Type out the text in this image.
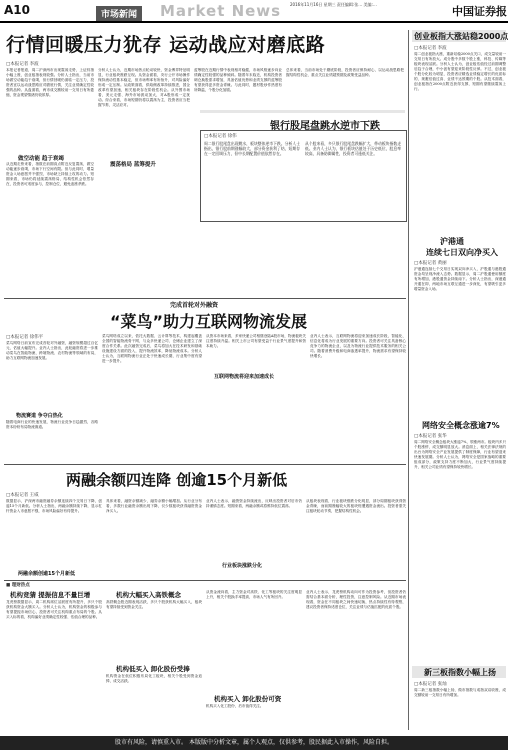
A10	市场新闻	Market News 2016年11月16日 星期三 责任编辑:张… 美编:…
中国证券报
行情回暖压力犹存 运动战应对磨底路
□本报记者 李波
本报记者报道，周二沪深两市出现震荡走势，上证综指小幅上涨，创业板指表现较强。分析人士指出，当前市场做空动能趋于衰竭，但行情回暖仍面临一定压力，投资者宜以运动战思路应对磨底行情，关注业绩确定性较强的品种。从盘面看，两市成交额较前一交易日有所萎缩，资金观望情绪仍较浓厚。
做空动能 趋于衰竭
从近期走势来看，指数在前期高点附近反复震荡，做空动能逐步衰竭，市场下行空间有限。但与此同时，增量资金入场意愿并不强烈，市场缺乏持续上攻的动力。短期来看，市场仍将延续震荡格局，结构性机会依然存在，投资者可适度参与，控制仓位，避免追涨杀跌。
分析人士认为，近期市场热点轮动较快，资金博弈特征明显，行业板块涨跌互现。从资金面看，央行公开市场操作保持流动性基本稳定，但市场利率有所抬升，对风险偏好形成一定压制。从政策面看，供给侧改革持续推进，国企改革有望加速，相关板块存在阶段性机会。从外围市场看，美元走强、海外市场波动加大，对A股形成一定扰动。综合来看，市场短期仍将以震荡为主，投资者应当把握节奏，灵活应对。
震荡格局 蓝筹提升
蓝筹股在近期行情中表现相对稳健，市场风格逐步向业绩确定性较强的品种倾斜。随着年末临近，机构投资者调仓换股需求增加，具备估值优势和业绩支撑的蓝筹股有望获得更多资金青睐。与此同时，题材股炒作热度有所降温，个股分化加剧。
银行股尾盘跳水逆市下跌
□本报记者 徐伟
周二银行股尾盘出现跳水，板块整体逆市下跌。分析人士指出，银行股前期涨幅较大，部分资金获利了结，短期存在一定回调压力，但中长期配置价值依然存在。
从个股来看，多只银行股尾盘跌幅扩大，带动板块指数走低。业内人士认为，银行板块估值处于历史低位，股息率较高，具备防御属性，投资者可逢低关注。
总体来看，当前市场处于磨底阶段，投资者应保持耐心，以运动战思路把握结构性机会，重点关注业绩超预期及政策受益品种。
创业板指大涨站稳2000点
□本报记者 李波
周二创业板指大涨，重新站稳2000点关口，成交量较前一交易日有所放大。成分股中多数个股上涨，科技、传媒等板块表现活跃。分析人士认为，创业板估值经过前期调整后趋于合理，中小创有望迎来阶段性反弹。不过，创业板个股分化较为明显，投资者应精选业绩稳定增长的优质标的，规避估值过高、业绩不达预期的个股。从技术面看，创业板指在2000点附近获得支撑，短期有望继续震荡上行。
沪港通
连续七日双向净买入
□本报记者 黄丽
沪港通连续七个交易日实现双向净买入，沪股通与港股通资金均呈现净流入态势。数据显示，周二沪股通使用额度有所增加，港股通资金持续南下。分析人士指出，深港通开通在即，两地市场互联互通进一步深化，有望吸引更多增量资金入场。
网络安全概念涨逾7%
□本报记者 张华
周二网络安全概念板块大涨逾7%，领涨两市。板块内多只个股涨停，成交额明显放大。消息面上，相关法律法规的出台为网络安全产业发展提供了制度保障，行业有望迎来快速发展期。分析人士认为，网络安全是国家战略的重要组成部分，政策支持力度不断加大，行业景气度持续提升，相关公司业绩有望保持较快增长。
新三板指数小幅上扬
□本报记者 张灿
周二新三板指数小幅上扬，做市指数与成指双双收涨，成交额较前一交易日有所增加。
完成首轮对外融资
“菜鸟”助力互联网物流发展
□本报记者 徐伟平
菜鸟网络日前宣布完成首轮对外融资，融资规模超过百亿元，估值大幅提升。业内人士指出，此轮融资将进一步推动菜鸟在智能物流、跨境物流、农村物流等领域的布局，助力互联网物流加速发展。
物流赛道 争夺白热化
随着电商行业的快速发展，物流行业竞争日趋激烈，各路资本纷纷布局物流赛道。
菜鸟网络成立以来，依托大数据、云计算等技术，构建起覆盖全国的智能物流骨干网，与众多快递公司、仓储企业建立了深度合作关系。此次融资完成后，菜鸟将加大在技术研发和基础设施建设方面的投入，提升物流效率，降低物流成本。分析人士认为，互联网物流行业正处于快速成长期，行业集中度有望进一步提升。
从资本市场来看，多家快递公司相继登陆A股市场，物流板块关注度持续升温。相关上市公司有望受益于行业景气度提升和资本助力。
互联网物流将迎来加速成长
业内人士表示，互联网物流将迎来加速成长阶段，智能化、信息化将成为行业发展的重要方向。投资者可关注具备核心竞争力的物流企业，以及为物流行业提供技术服务的相关公司。随着消费升级和电商渗透率提升，物流需求有望保持较快增长。
两融余额四连降 创逾15个月新低
□本报记者 王威
数据显示，沪深两市融资融券余额连续四个交易日下降，创逾15个月新低。分析人士指出，两融余额持续下降，显示杠杆资金入市意愿不强，市场风险偏好有待提升。
两融余额创逾15个月新低
具体来看，融资余额减少，融券余额小幅增加。从行业分布看，多数行业融资余额出现下降，仅少数板块获得融资资金净买入。
业内人士表示，融资资金持续流出，反映出投资者对后市仍持谨慎态度。短期来看，两融余额或将维持低位震荡。
行业板块涨跌分化
从板块表现看，行业板块涨跌分化明显，部分周期板块获得资金青睐，而前期涨幅较大的板块则遭遇资金流出。投资者需关注板块轮动节奏，把握结构性机会。
■ 理财热点
机构竞猜 提振信息不量巨增
龙虎榜数据显示，周二机构席位活跃度有所提升，多只个股获机构资金大额买入。分析人士认为，机构资金的积极参与有望提振市场信心，投资者可关注机构重点布局的个股。从买入标的看，机构偏好业绩确定性较强、估值合理的品种。
机构大幅买入高铁概念
高铁概念股近期表现活跃，多只个股获机构大幅买入，板块有望持续受到资金关注。
机构低买入 卸化股份受捧
机构资金在低位积极布局化工板块，相关个股受到资金追捧，成交活跃。
从资金流向看，主力资金对高铁、化工等板块的关注度明显上升，相关个股换手率提高，市场人气有所回升。
机构买入 卸化股份可资
机构买入化工股份，后市值得关注。
业内人士表示，龙虎榜机构动向可作为投资参考，但投资者仍需结合基本面分析，理性投资，注意控制风险。从近期市场表现看，资金在不同板块之间快速切换，热点持续性有待观察，建议投资者保持适度仓位，关注业绩与估值匹配的优质个股。
股市有风险，请慎重入市。 本版版中分析文章，属个人观点，仅供参考，股民据此入市操作，风险自担。
